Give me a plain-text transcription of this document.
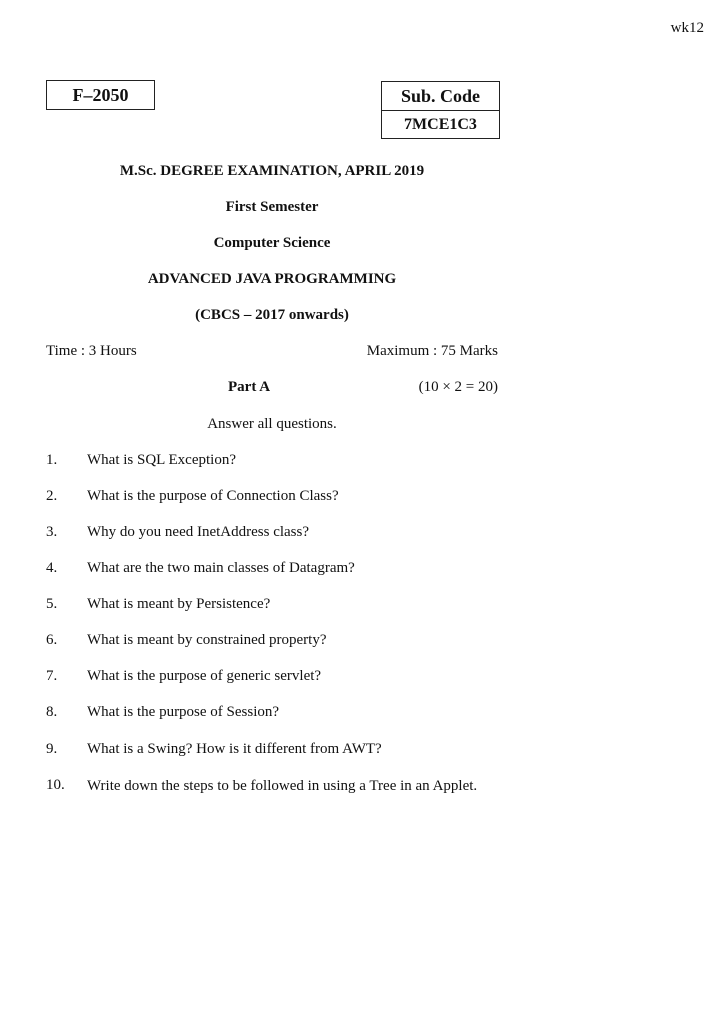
wk12
F–2050	Sub. Code
7MCE1C3
M.Sc. DEGREE EXAMINATION, APRIL 2019
First Semester
Computer Science
ADVANCED JAVA PROGRAMMING
(CBCS – 2017 onwards)
Time : 3 Hours	Maximum : 75 Marks
Part A	(10 × 2 = 20)
Answer all questions.
1. What is SQL Exception?
2. What is the purpose of Connection Class?
3. Why do you need InetAddress class?
4. What are the two main classes of Datagram?
5. What is meant by Persistence?
6. What is meant by constrained property?
7. What is the purpose of generic servlet?
8. What is the purpose of Session?
9. What is a Swing? How is it different from AWT?
10. Write down the steps to be followed in using a Tree in an Applet.
